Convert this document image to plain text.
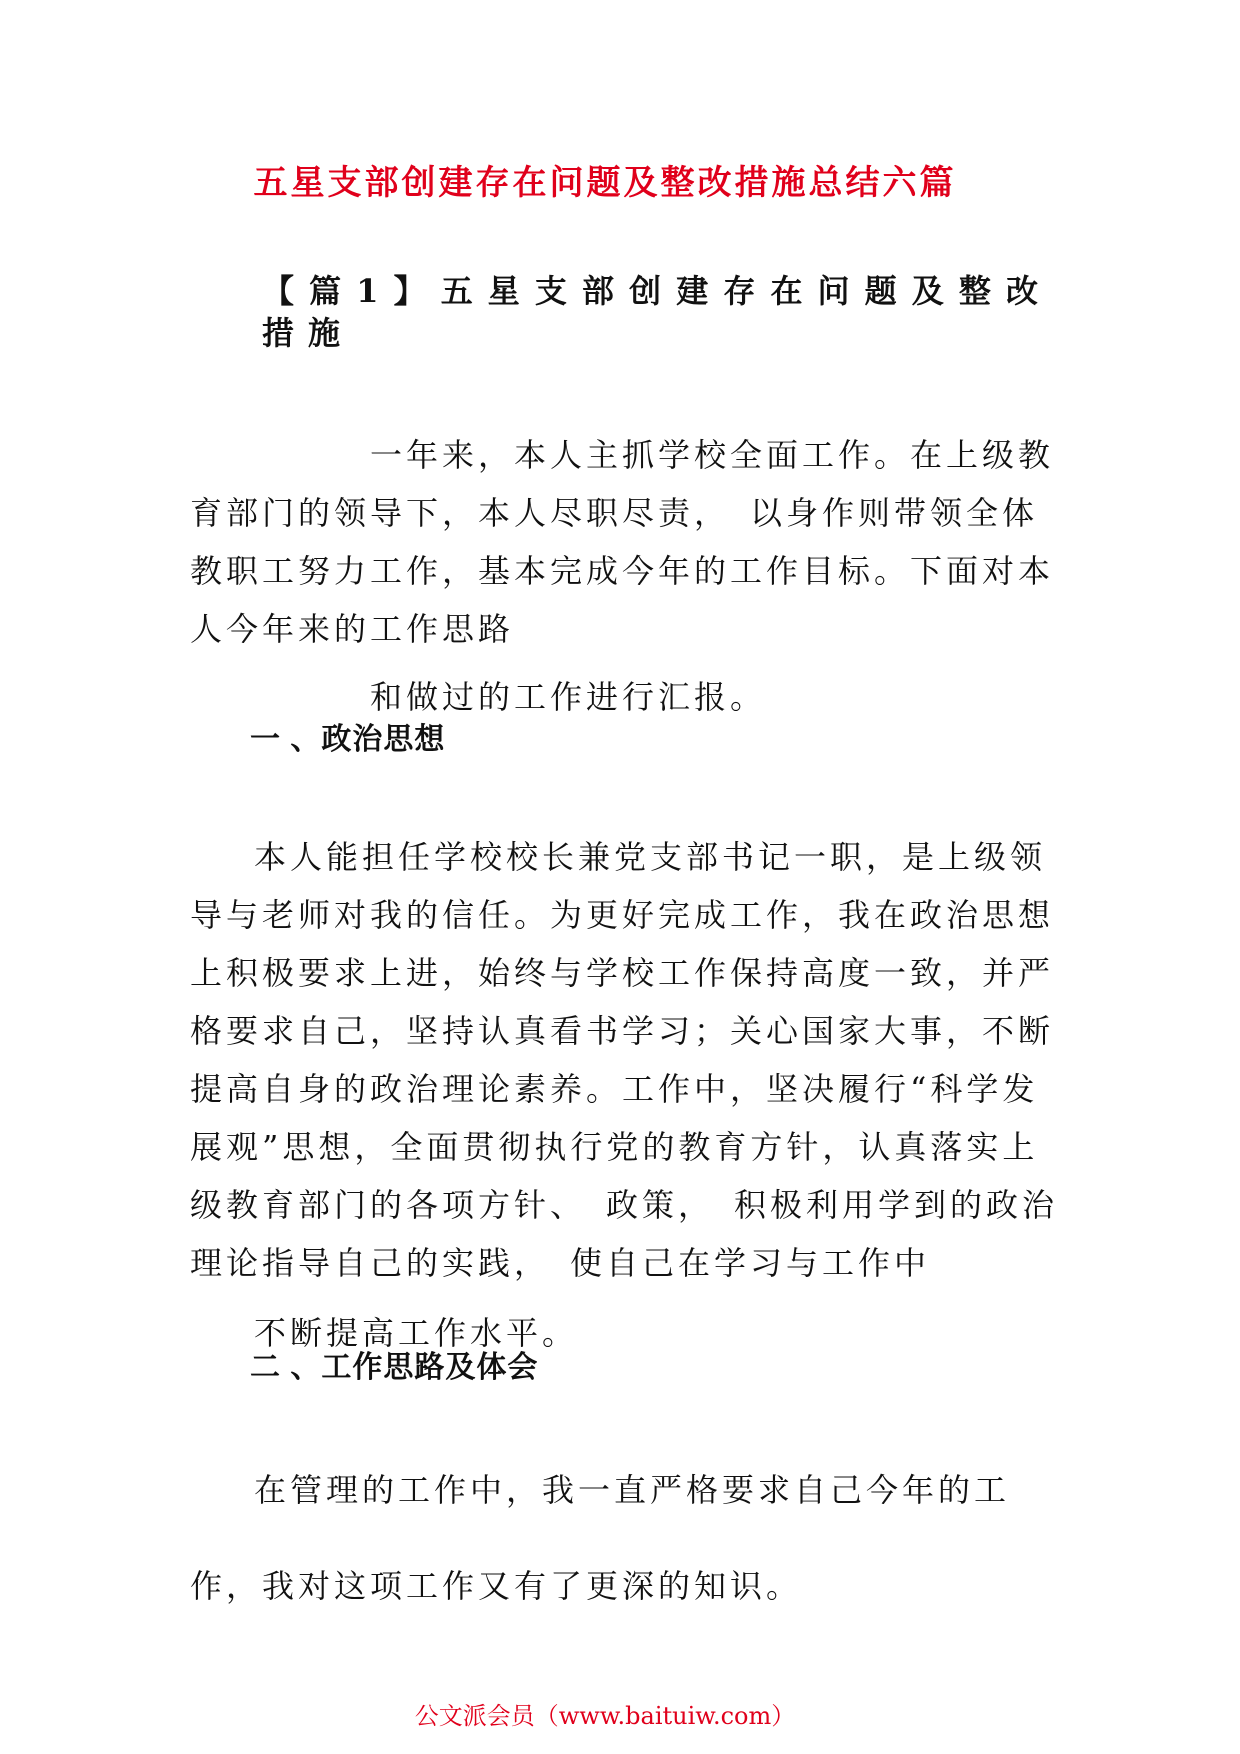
五星支部创建存在问题及整改措施总结六篇
【篇1】五星支部创建存在问题及整改措施

一年来，本人主抓学校全面工作。在上级教育部门的领导下，本人尽职尽责，　以身作则带领全体教职工努力工作，基本完成今年的工作目标。下面对本人今年来的工作思路
和做过的工作进行汇报。

一 、政治思想

本人能担任学校校长兼党支部书记一职，是上级领导与老师对我的信任。为更好完成工作，我在政治思想上积极要求上进，始终与学校工作保持高度一致，并严格要求自己，坚持认真看书学习；关心国家大事，不断提高自身的政治理论素养。工作中，坚决履行“科学发展观”思想，全面贯彻执行党的教育方针，认真落实上级教育部门的各项方针、　政策，　积极利用学到的政治理论指导自己的实践，　使自己在学习与工作中
不断提高工作水平。

二 、工作思路及体会

在管理的工作中，我一直严格要求自己今年的工作，我对这项工作又有了更深的知识。

公文派会员（www.baituiw.com）
